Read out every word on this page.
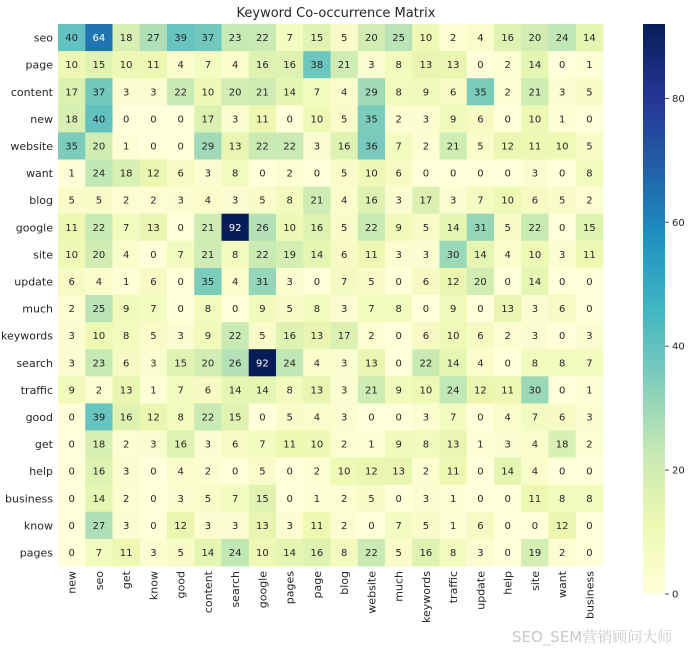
Keyword Co-occurrence Matrix
40 64 18 27 39 37 23 22 7 15 5 20 25 10 2 4 16 20 24 14
10 15 10 11 4 7 4 16 16 38 21 3 8 13 13 0 2 14 0 1
17 37 3 3 22 10 20 21 14 7 4 29 8 9 6 35 2 21 3 5
18 40 0 0 0 17 3 11 0 10 5 35 2 3 9 6 0 10 1 0
35 20 1 0 0 29 13 22 22 3 16 36 7 2 21 5 12 11 10 5
1 24 18 12 6 3 8 0 2 0 5 10 6 0 0 0 0 3 0 8
5 5 2 2 3 4 3 5 8 21 4 16 3 17 3 7 10 6 5 2
11 22 7 13 0 21 92 26 10 16 5 22 9 5 14 31 5 22 0 15
10 20 4 0 7 21 8 22 19 14 6 11 3 3 30 14 4 10 3 11
6 4 1 6 0 35 4 31 3 0 7 5 0 6 12 20 0 14 0 0
2 25 9 7 0 8 0 9 5 8 3 7 8 0 9 0 13 3 6 0
3 10 8 5 3 9 22 5 16 13 17 2 0 6 10 6 2 3 0 3
3 23 6 3 15 20 26 92 24 4 3 13 0 22 14 4 0 8 8 7
9 2 13 1 7 6 14 14 8 13 3 21 9 10 24 12 11 30 0 1
0 39 16 12 8 22 15 0 5 4 3 0 0 3 7 0 4 7 6 3
0 18 2 3 16 3 6 7 11 10 2 1 9 8 13 1 3 4 18 2
0 16 3 0 4 2 0 5 0 2 10 12 13 2 11 0 14 4 0 0
0 14 2 0 3 5 7 15 0 1 2 5 0 3 1 0 0 11 8 8
0 27 3 0 12 3 3 13 3 11 2 0 7 5 1 6 0 0 12 0
0 7 11 3 5 14 24 10 14 16 8 22 5 16 8 3 0 19 2 0
seo
page
content
new
website
want
blog
google
site
update
much
keywords
search
traffic
good
get
help
business
know
pages
new seo get know good content search google pages page blog website much keywords traffic update help site want business	0
20
40
60
80
SEO_SEM营销顾问大师
